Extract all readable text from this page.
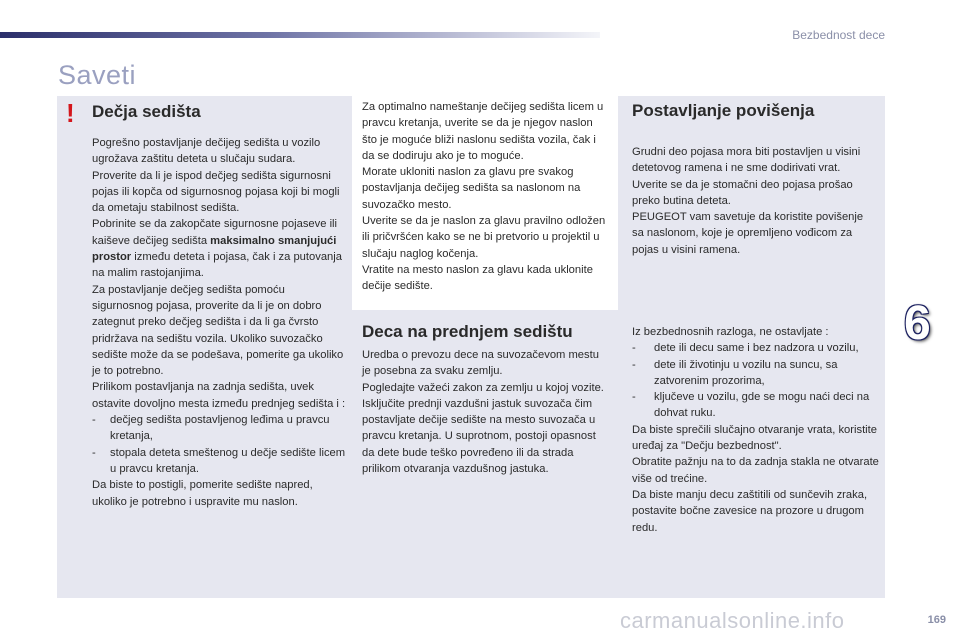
Bezbednost dece
Saveti
!	Dečja sedišta

Pogrešno postavljanje dečijeg sedišta u vozilo ugrožava zaštitu deteta u slučaju sudara.

Proverite da li je ispod dečjeg sedišta sigurnosni pojas ili kopča od sigurnosnog pojasa koji bi mogli da ometaju stabilnost sedišta.

Pobrinite se da zakopčate sigurnosne pojaseve ili kaiševe dečijeg sedišta maksimalno smanjujući prostor između deteta i pojasa, čak i za putovanja na malim rastojanjima.

Za postavljanje dečjeg sedišta pomoću sigurnosnog pojasa, proverite da li je on dobro zategnut preko dečjeg sedišta i da li ga čvrsto pridržava na sedištu vozila. Ukoliko suvozačko sedište može da se podešava, pomerite ga ukoliko je to potrebno.

Prilikom postavljanja na zadnja sedišta, uvek ostavite dovoljno mesta između prednjeg sedišta i :

- dečjeg sedišta postavljenog leđima u pravcu kretanja,
- stopala deteta smeštenog u dečje sedište licem u pravcu kretanja.

Da biste to postigli, pomerite sedište napred, ukoliko je potrebno i uspravite mu naslon.

Za optimalno nameštanje dečijeg sedišta licem u pravcu kretanja, uverite se da je njegov naslon što je moguće bliži naslonu sedišta vozila, čak i da se dodiruju ako je to moguće.

Morate ukloniti naslon za glavu pre svakog postavljanja dečijeg sedišta sa naslonom na suvozačko mesto.

Uverite se da je naslon za glavu pravilno odložen ili pričvršćen kako se ne bi pretvorio u projektil u slučaju naglog kočenja.

Vratite na mesto naslon za glavu kada uklonite dečije sedište.

Deca na prednjem sedištu

Uredba o prevozu dece na suvozačevom mestu je posebna za svaku zemlju.

Pogledajte važeći zakon za zemlju u kojoj vozite.

Isključite prednji vazdušni jastuk suvozača čim postavljate dečije sedište na mesto suvozača u pravcu kretanja. U suprotnom, postoji opasnost da dete bude teško povređeno ili da strada prilikom otvaranja vazdušnog jastuka.

Postavljanje povišenja

Grudni deo pojasa mora biti postavljen u visini detetovog ramena i ne sme dodirivati vrat.

Uverite se da je stomačni deo pojasa prošao preko butina deteta.

PEUGEOT vam savetuje da koristite povišenje sa naslonom, koje je opremljeno vođicom za pojas u visini ramena.

Iz bezbednosnih razloga, ne ostavljate :

- dete ili decu same i bez nadzora u vozilu,
- dete ili životinju u vozilu na suncu, sa zatvorenim prozorima,
- ključeve u vozilu, gde se mogu naći deci na dohvat ruku.

Da biste sprečili slučajno otvaranje vrata, koristite uređaj za "Dečju bezbednost".

Obratite pažnju na to da zadnja stakla ne otvarate više od trećine.

Da biste manju decu zaštitili od sunčevih zraka, postavite bočne zavesice na prozore u drugom redu.

6
carmanualsonline.info	169
